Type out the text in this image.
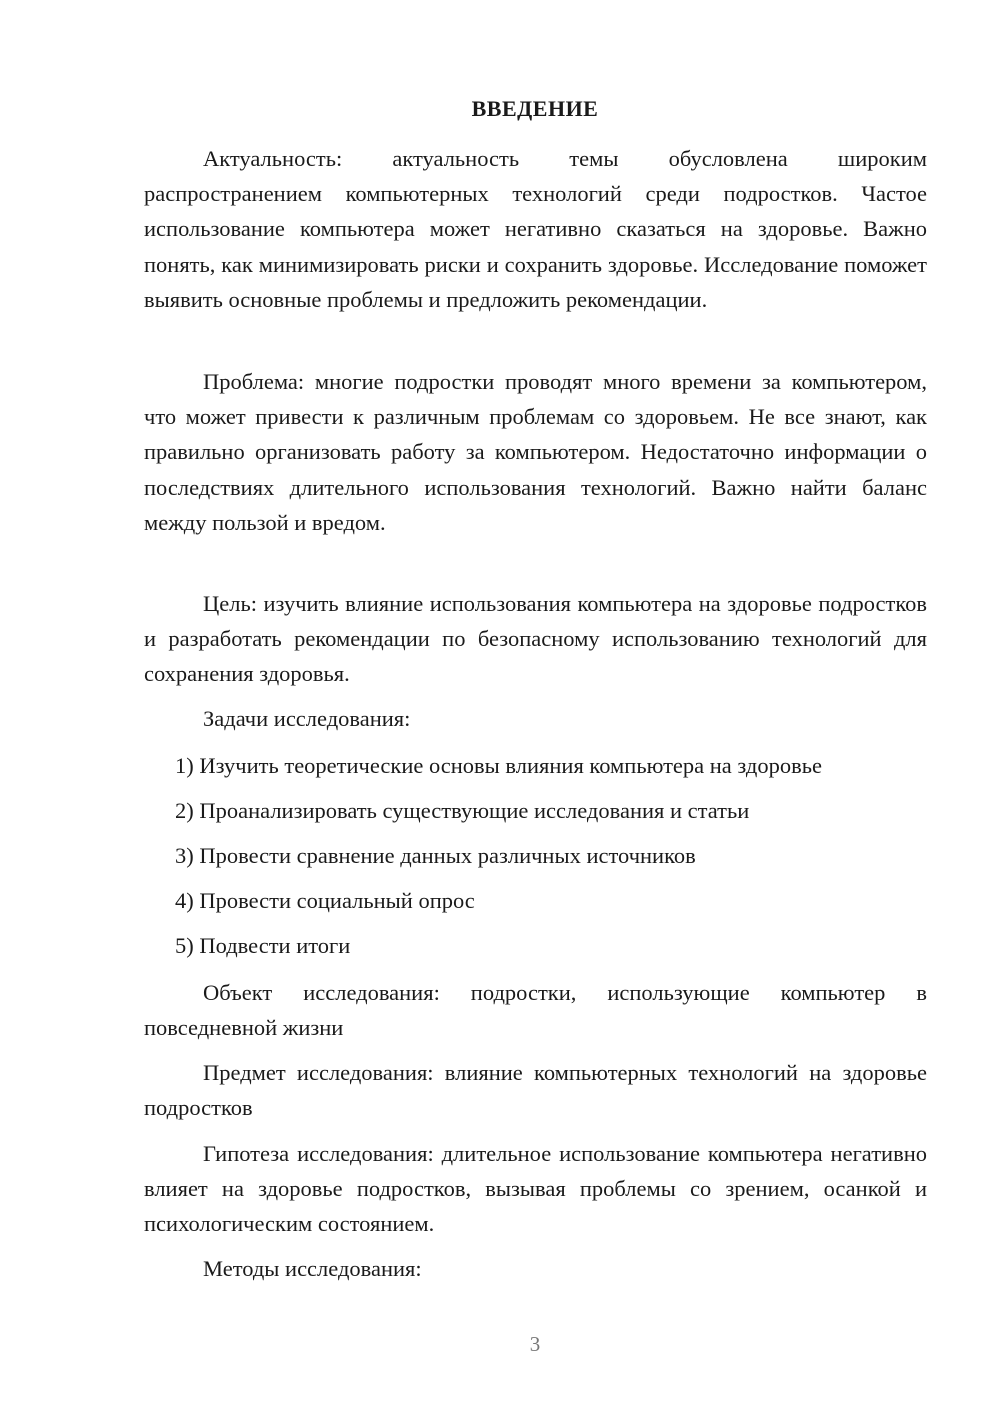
ВВЕДЕНИЕ

Актуальность: актуальность темы обусловлена широким распространением компьютерных технологий среди подростков. Частое использование компьютера может негативно сказаться на здоровье. Важно понять, как минимизировать риски и сохранить здоровье. Исследование поможет выявить основные проблемы и предложить рекомендации.

Проблема: многие подростки проводят много времени за компьютером, что может привести к различным проблемам со здоровьем. Не все знают, как правильно организовать работу за компьютером. Недостаточно информации о последствиях длительного использования технологий. Важно найти баланс между пользой и вредом.

Цель: изучить влияние использования компьютера на здоровье подростков и разработать рекомендации по безопасному использованию технологий для сохранения здоровья.

Задачи исследования:

1) Изучить теоретические основы влияния компьютера на здоровье

2) Проанализировать существующие исследования и статьи

3) Провести сравнение данных различных источников

4) Провести социальный опрос

5) Подвести итоги

Объект исследования: подростки, использующие компьютер в повседневной жизни

Предмет исследования: влияние компьютерных технологий на здоровье подростков

Гипотеза исследования: длительное использование компьютера негативно влияет на здоровье подростков, вызывая проблемы со зрением, осанкой и психологическим состоянием.

Методы исследования:

3
